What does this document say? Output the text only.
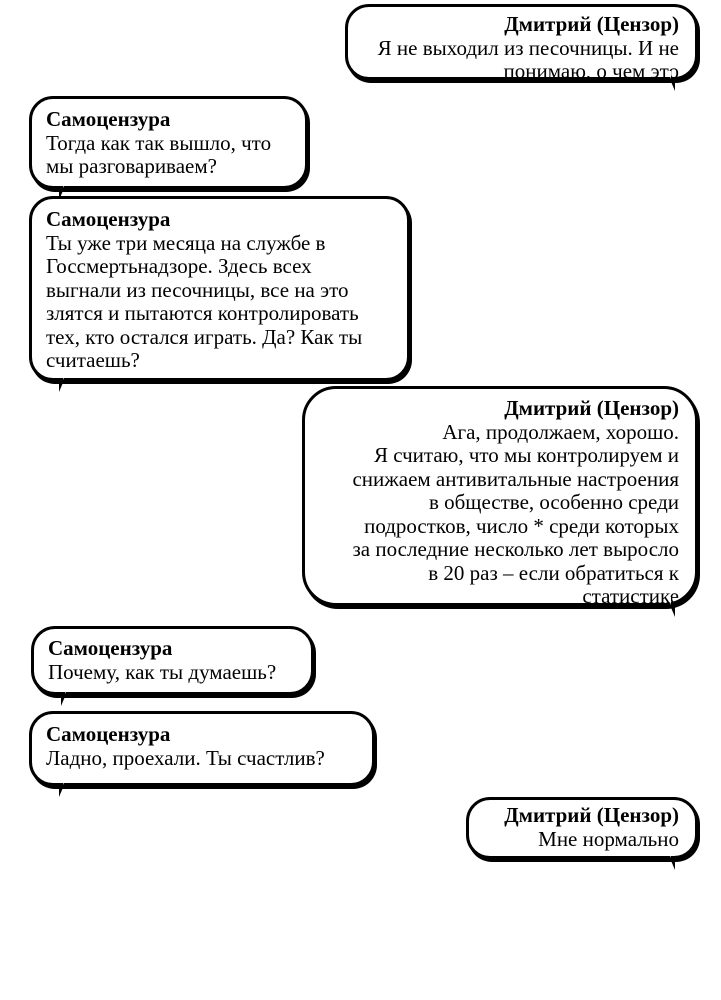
Дмитрий (Цензор)
Я не выходил из песочницы. И не
понимаю, о чем это
Самоцензура
Тогда как так вышло, что
мы разговариваем?
Самоцензура
Ты уже три месяца на службе в
Госсмертьнадзоре. Здесь всех
выгнали из песочницы, все на это
злятся и пытаются контролировать
тех, кто остался играть. Да? Как ты
считаешь?
Дмитрий (Цензор)
Ага, продолжаем, хорошо.
Я считаю, что мы контролируем и
снижаем антивитальные настроения
в обществе, особенно среди
подростков, число * среди которых
за последние несколько лет выросло
в 20 раз – если обратиться к
статистике
Самоцензура
Почему, как ты думаешь?
Самоцензура
Ладно, проехали. Ты счастлив?
Дмитрий (Цензор)
Мне нормально
